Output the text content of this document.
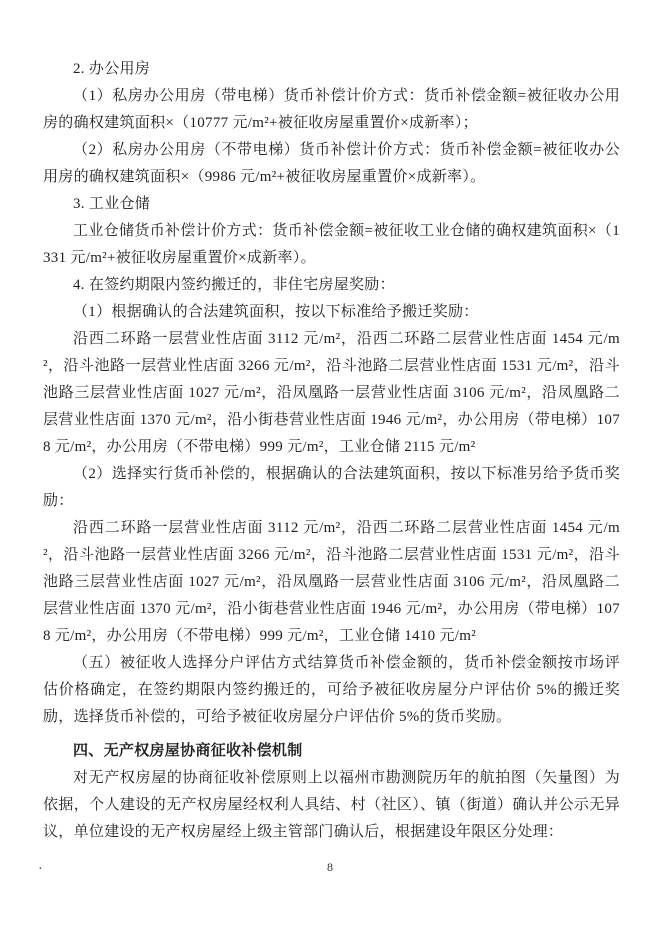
2. 办公用房

（1）私房办公用房（带电梯）货币补偿计价方式：货币补偿金额=被征收办公用房的确权建筑面积×（10777 元/m²+被征收房屋重置价×成新率）；

（2）私房办公用房（不带电梯）货币补偿计价方式：货币补偿金额=被征收办公用房的确权建筑面积×（9986 元/m²+被征收房屋重置价×成新率）。

3. 工业仓储

工业仓储货币补偿计价方式：货币补偿金额=被征收工业仓储的确权建筑面积×（1331 元/m²+被征收房屋重置价×成新率）。

4. 在签约期限内签约搬迁的，非住宅房屋奖励：

（1）根据确认的合法建筑面积，按以下标准给予搬迁奖励：

沿西二环路一层营业性店面 3112 元/m²，沿西二环路二层营业性店面 1454 元/m²，沿斗池路一层营业性店面 3266 元/m²，沿斗池路二层营业性店面 1531 元/m²，沿斗池路三层营业性店面 1027 元/m²，沿凤凰路一层营业性店面 3106 元/m²，沿凤凰路二层营业性店面 1370 元/m²，沿小街巷营业性店面 1946 元/m²，办公用房（带电梯）1078 元/m²，办公用房（不带电梯）999 元/m²，工业仓储 2115 元/m²

（2）选择实行货币补偿的，根据确认的合法建筑面积，按以下标准另给予货币奖励：

沿西二环路一层营业性店面 3112 元/m²，沿西二环路二层营业性店面 1454 元/m²，沿斗池路一层营业性店面 3266 元/m²，沿斗池路二层营业性店面 1531 元/m²，沿斗池路三层营业性店面 1027 元/m²，沿凤凰路一层营业性店面 3106 元/m²，沿凤凰路二层营业性店面 1370 元/m²，沿小街巷营业性店面 1946 元/m²，办公用房（带电梯）1078 元/m²，办公用房（不带电梯）999 元/m²，工业仓储 1410 元/m²

（五）被征收人选择分户评估方式结算货币补偿金额的，货币补偿金额按市场评估价格确定，在签约期限内签约搬迁的，可给予被征收房屋分户评估价 5%的搬迁奖励，选择货币补偿的，可给予被征收房屋分户评估价 5%的货币奖励。

四、无产权房屋协商征收补偿机制

对无产权房屋的协商征收补偿原则上以福州市勘测院历年的航拍图（矢量图）为依据，个人建设的无产权房屋经权利人具结、村（社区）、镇（街道）确认并公示无异议，单位建设的无产权房屋经上级主管部门确认后，根据建设年限区分处理：

·	8
